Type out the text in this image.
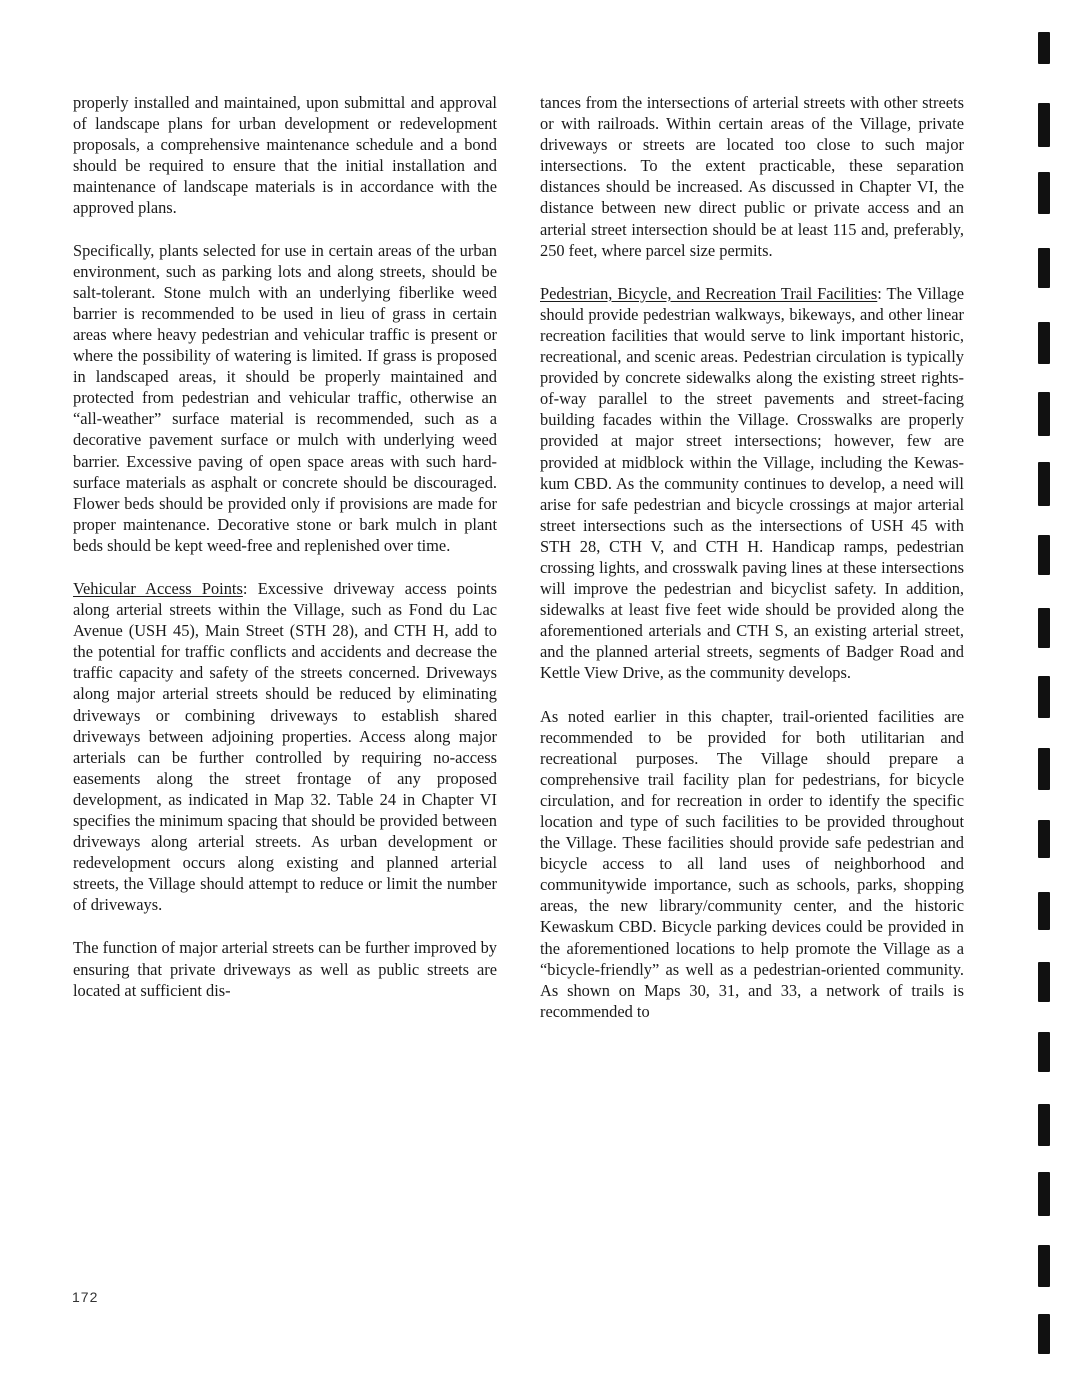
properly installed and maintained, upon submittal and approval of landscape plans for urban development or redevelopment proposals, a comprehensive maintenance schedule and a bond should be required to ensure that the initial installation and maintenance of landscape materials is in accordance with the approved plans.

Specifically, plants selected for use in certain areas of the urban environment, such as parking lots and along streets, should be salt-tolerant. Stone mulch with an underlying fiberlike weed barrier is recommended to be used in lieu of grass in certain areas where heavy pedestrian and vehicular traffic is present or where the possibility of watering is limited. If grass is proposed in landscaped areas, it should be properly maintained and protected from pedestrian and vehicular traffic, otherwise an “all-weather” surface material is recommended, such as a decorative pavement surface or mulch with underlying weed barrier. Excessive paving of open space areas with such hard-surface materials as asphalt or concrete should be discouraged. Flower beds should be provided only if provisions are made for proper maintenance. Decorative stone or bark mulch in plant beds should be kept weed-free and replenished over time.

Vehicular Access Points: Excessive driveway access points along arterial streets within the Village, such as Fond du Lac Avenue (USH 45), Main Street (STH 28), and CTH H, add to the potential for traffic conflicts and accidents and decrease the traffic capacity and safety of the streets concerned. Driveways along major arterial streets should be reduced by eliminating driveways or combining driveways to establish shared driveways between adjoining properties. Access along major arterials can be further controlled by requiring no-access easements along the street frontage of any proposed development, as indicated in Map 32. Table 24 in Chapter VI specifies the minimum spacing that should be provided between driveways along arterial streets. As urban development or redevelopment occurs along existing and planned arterial streets, the Village should attempt to reduce or limit the number of driveways.

The function of major arterial streets can be further improved by ensuring that private driveways as well as public streets are located at sufficient dis-

tances from the intersections of arterial streets with other streets or with railroads. Within certain areas of the Village, private driveways or streets are located too close to such major intersections. To the extent practicable, these separation distances should be increased. As discussed in Chapter VI, the distance between new direct public or private access and an arterial street intersection should be at least 115 and, preferably, 250 feet, where parcel size permits.

Pedestrian, Bicycle, and Recreation Trail Facilities: The Village should provide pedestrian walkways, bikeways, and other linear recreation facilities that would serve to link important historic, recreational, and scenic areas. Pedestrian circulation is typically provided by concrete sidewalks along the existing street rights-of-way parallel to the street pavements and street-facing building facades within the Village. Crosswalks are properly provided at major street intersections; however, few are provided at midblock within the Village, including the Kewaskum CBD. As the community continues to develop, a need will arise for safe pedestrian and bicycle crossings at major arterial street intersections such as the intersections of USH 45 with STH 28, CTH V, and CTH H. Handicap ramps, pedestrian crossing lights, and crosswalk paving lines at these intersections will improve the pedestrian and bicyclist safety. In addition, sidewalks at least five feet wide should be provided along the aforementioned arterials and CTH S, an existing arterial street, and the planned arterial streets, segments of Badger Road and Kettle View Drive, as the community develops.

As noted earlier in this chapter, trail-oriented facilities are recommended to be provided for both utilitarian and recreational purposes. The Village should prepare a comprehensive trail facility plan for pedestrians, for bicycle circulation, and for recreation in order to identify the specific location and type of such facilities to be provided throughout the Village. These facilities should provide safe pedestrian and bicycle access to all land uses of neighborhood and communitywide importance, such as schools, parks, shopping areas, the new library/community center, and the historic Kewaskum CBD. Bicycle parking devices could be provided in the aforementioned locations to help promote the Village as a “bicycle-friendly” as well as a pedestrian-oriented community. As shown on Maps 30, 31, and 33, a network of trails is recommended to

172
